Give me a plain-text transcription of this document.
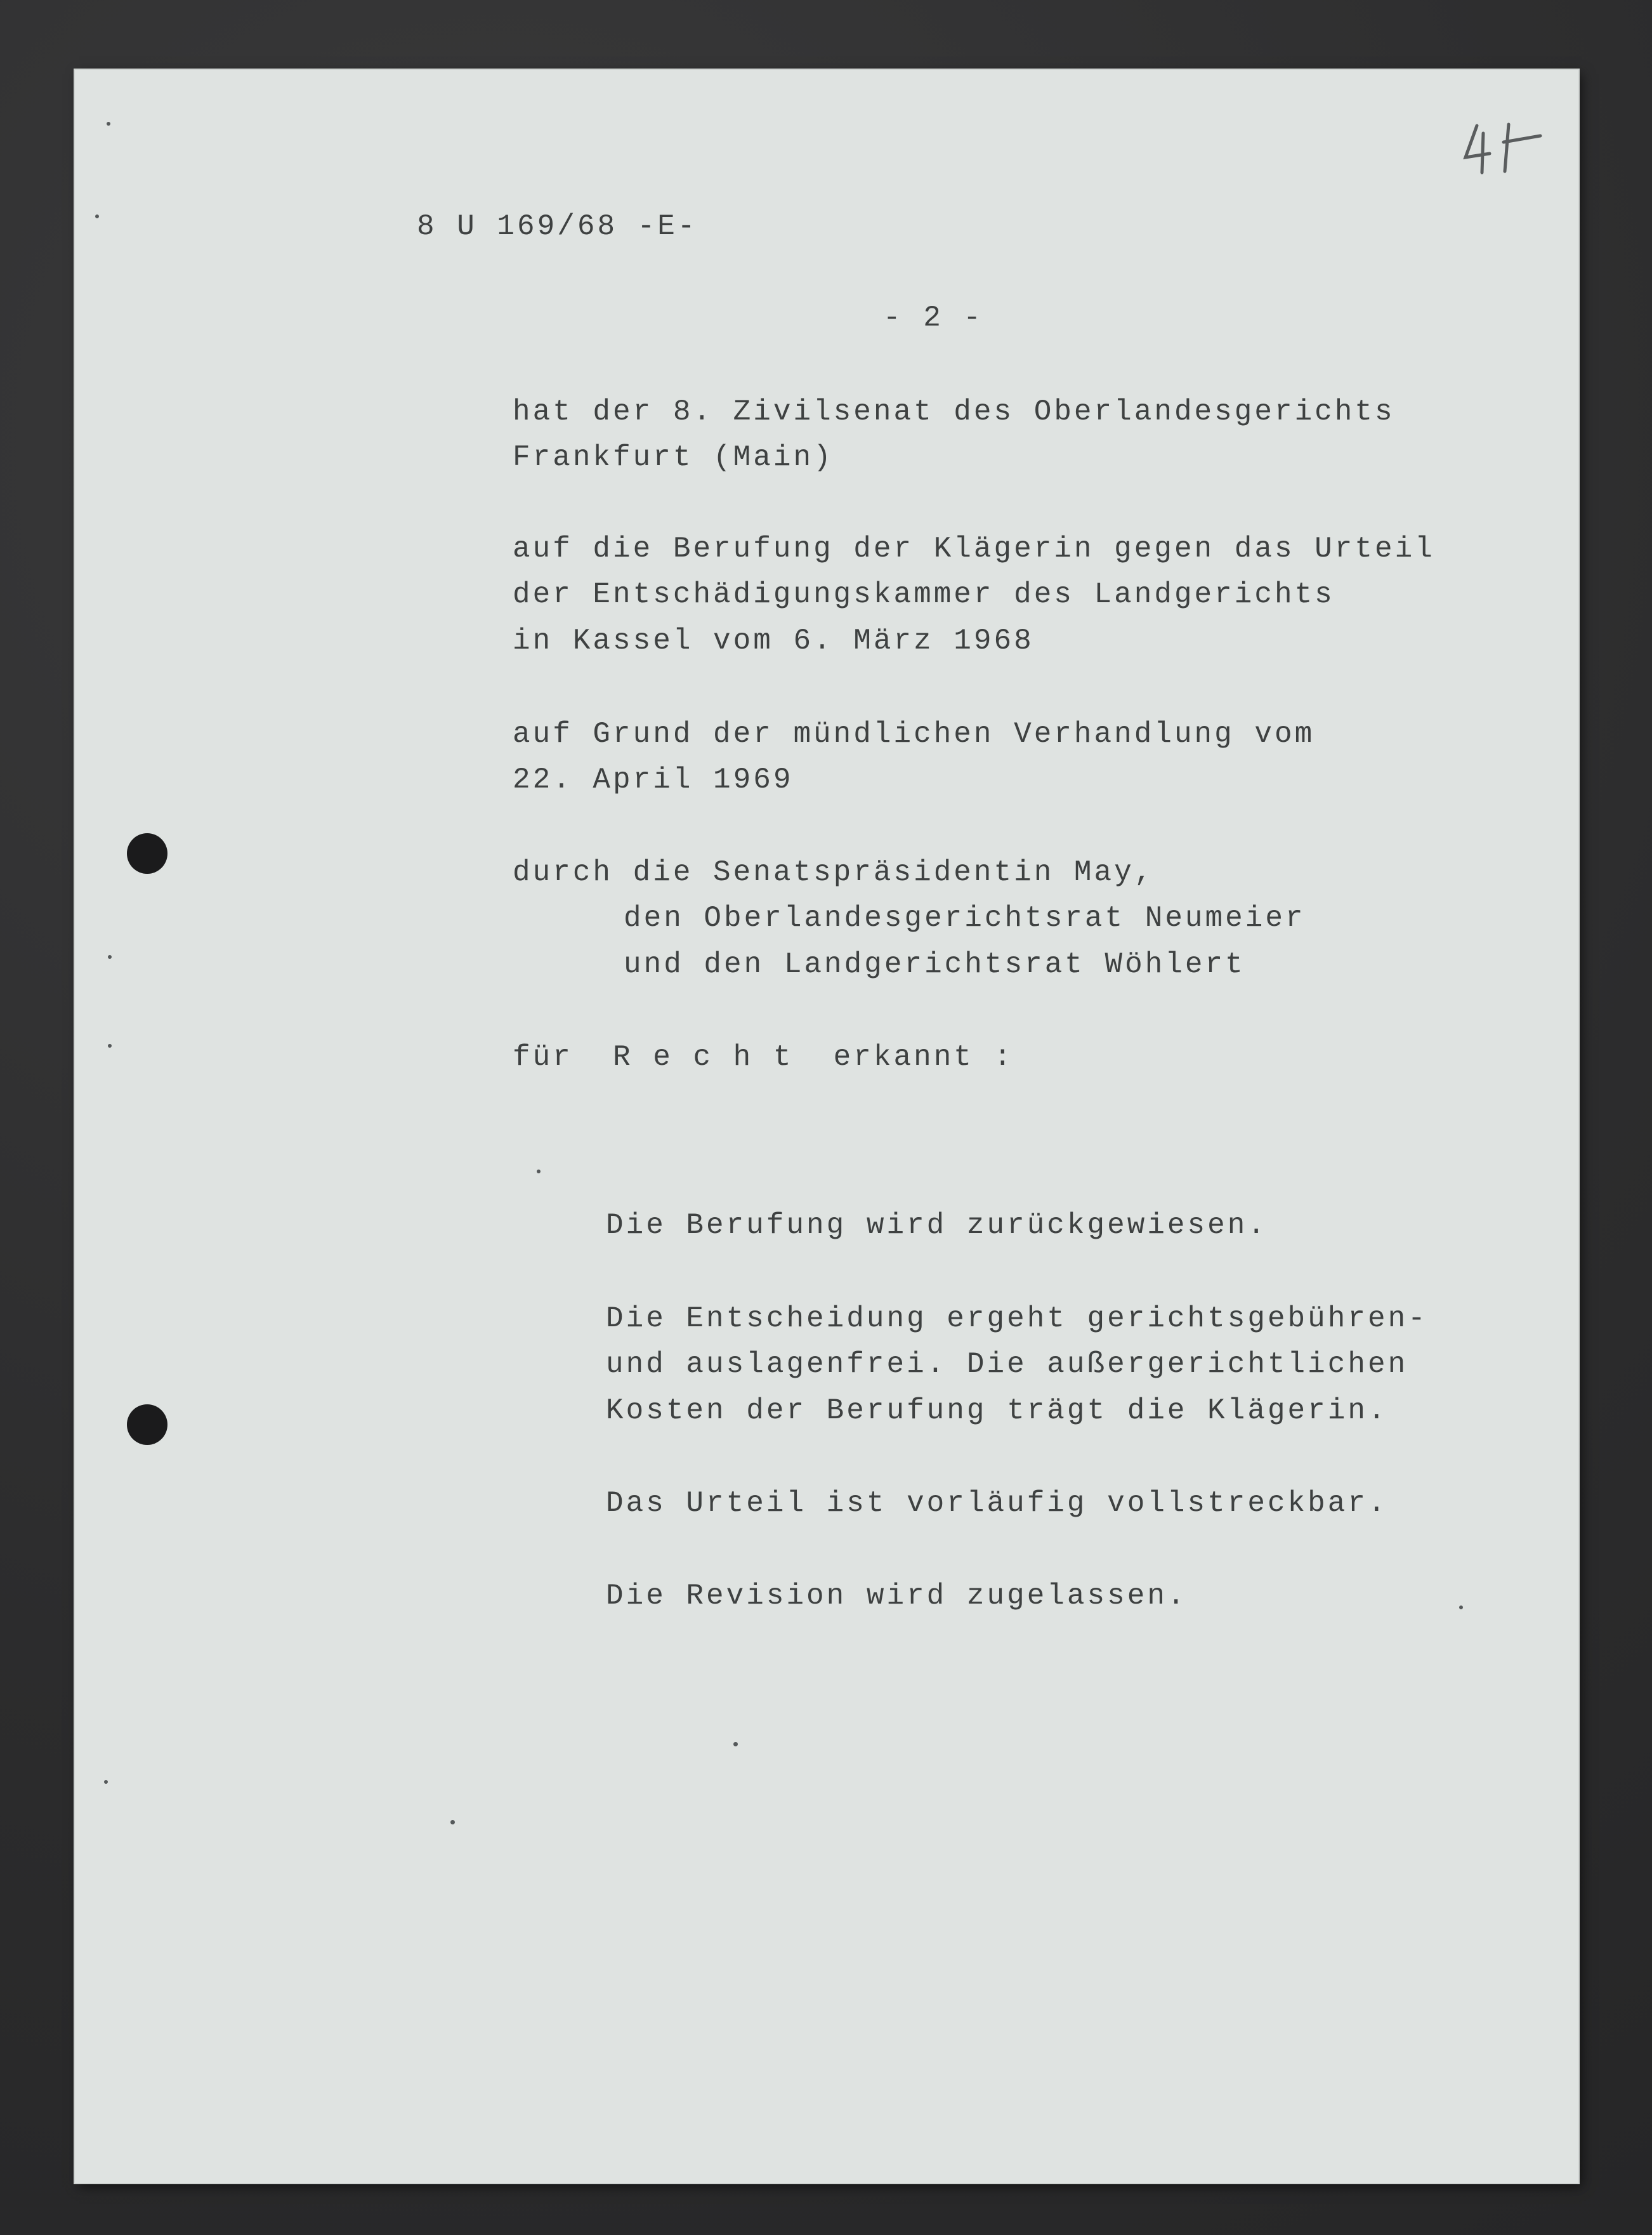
8 U 169/68 -E-
- 2 -
hat der 8. Zivilsenat des Oberlandesgerichts
Frankfurt (Main)
auf die Berufung der Klägerin gegen das Urteil
der Entschädigungskammer des Landgerichts
in Kassel vom 6. März 1968
auf Grund der mündlichen Verhandlung vom
22. April 1969
durch die Senatspräsidentin May,
den Oberlandesgerichtsrat Neumeier
und den Landgerichtsrat Wöhlert
für  R e c h t  erkannt :
Die Berufung wird zurückgewiesen.
Die Entscheidung ergeht gerichtsgebühren-
und auslagenfrei. Die außergerichtlichen
Kosten der Berufung trägt die Klägerin.
Das Urteil ist vorläufig vollstreckbar.
Die Revision wird zugelassen.
